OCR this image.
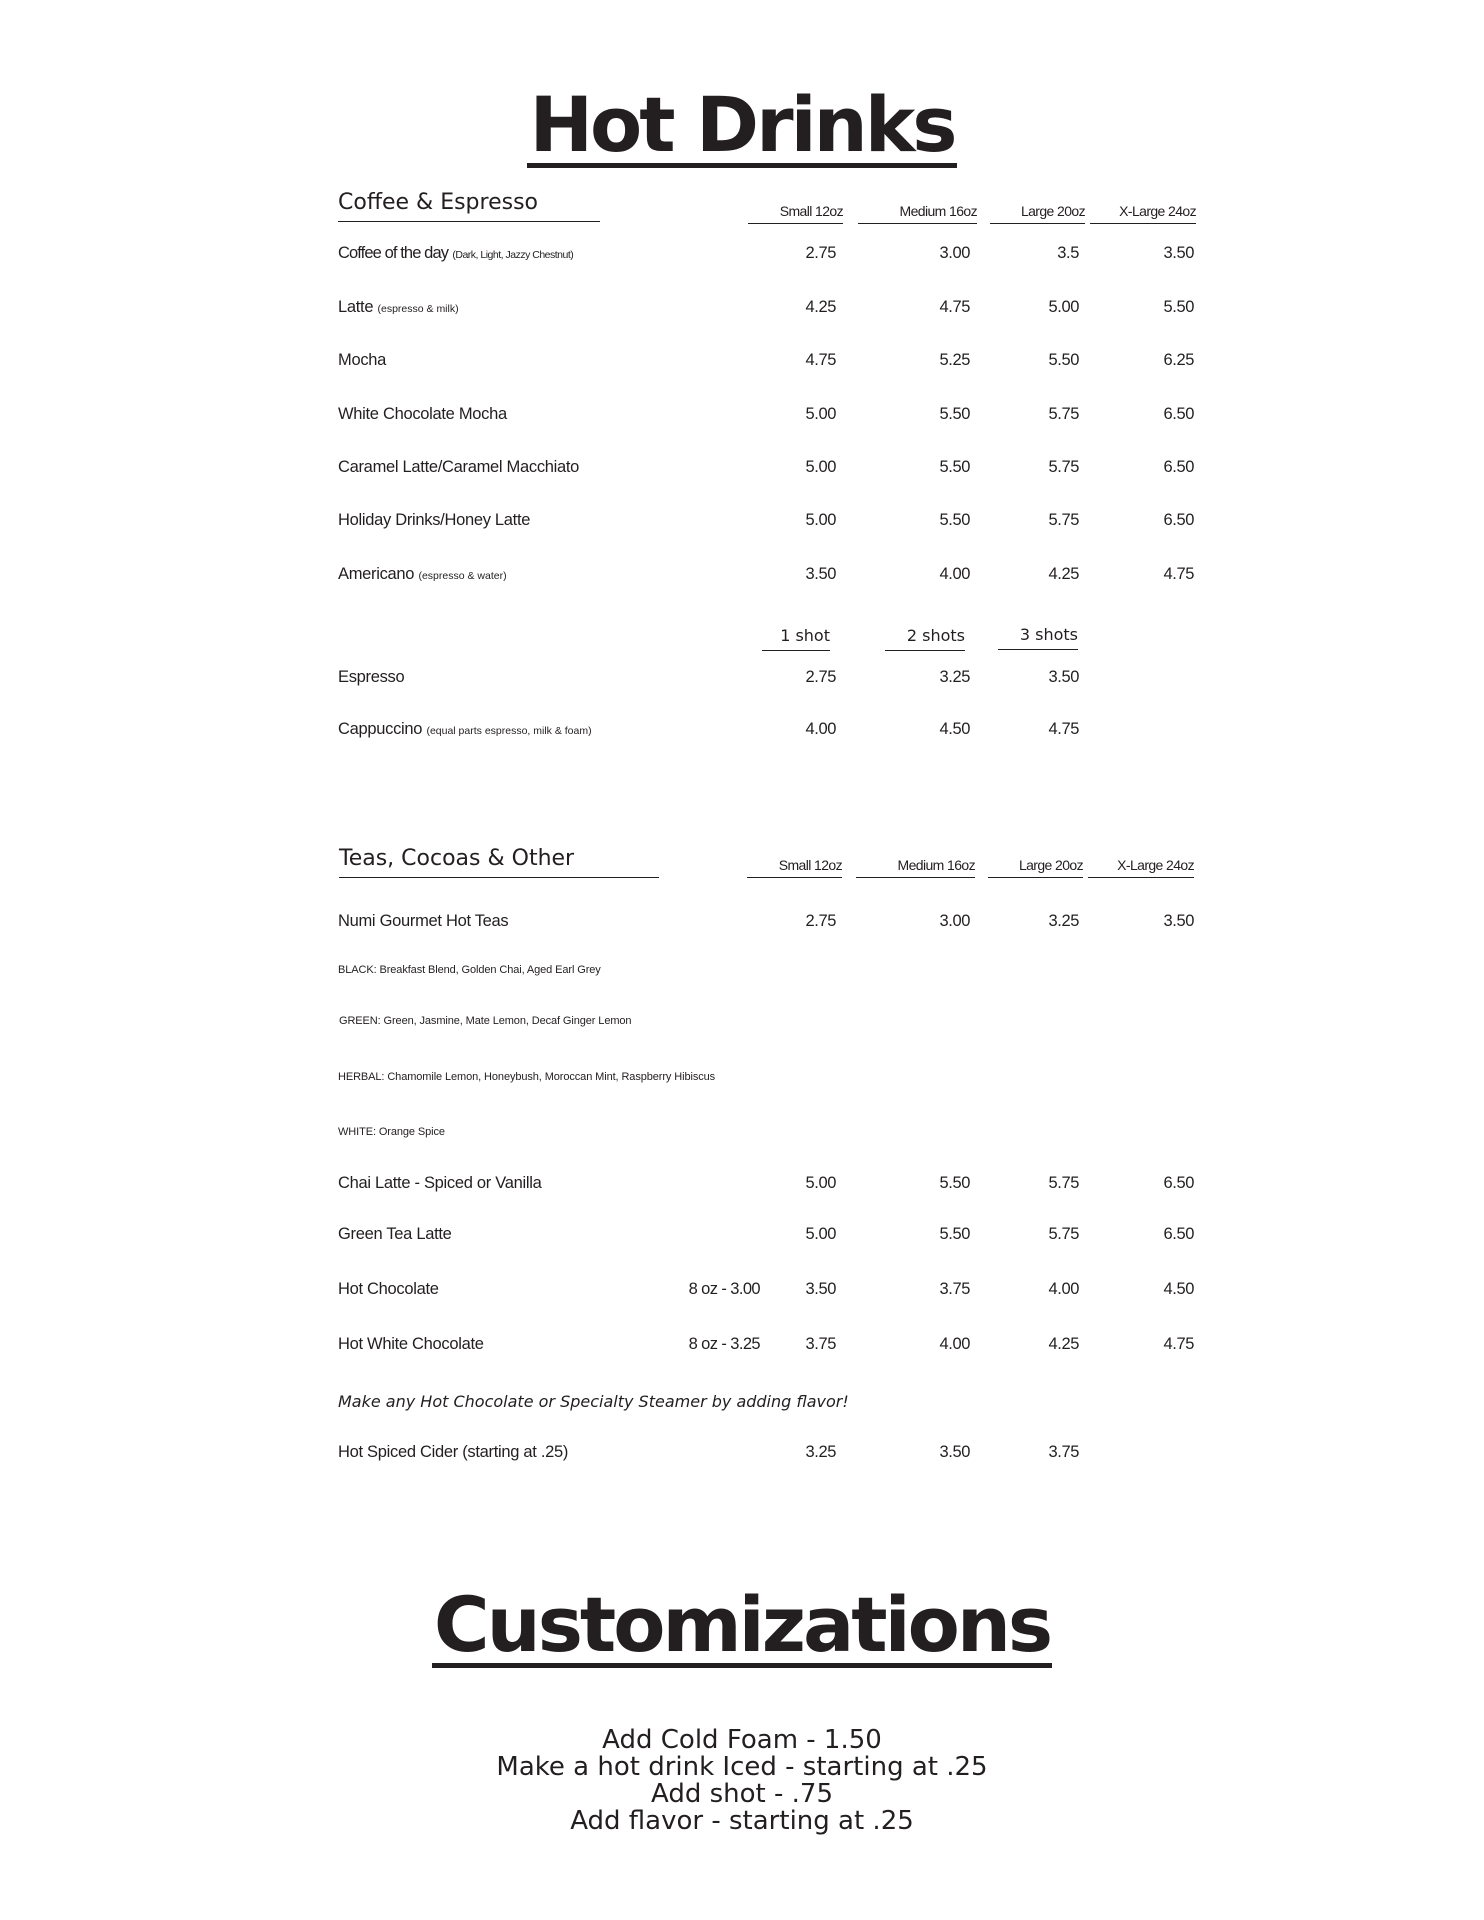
Hot Drinks
Coffee & Espresso	Small 12oz	Medium 16oz	Large 20oz	X-Large 24oz
Coffee of the day (Dark, Light, Jazzy Chestnut)	2.75	3.00	3.5	3.50
Latte (espresso & milk)	4.25	4.75	5.00	5.50
Mocha	4.75	5.25	5.50	6.25
White Chocolate Mocha	5.00	5.50	5.75	6.50
Caramel Latte/Caramel Macchiato	5.00	5.50	5.75	6.50
Holiday Drinks/Honey Latte	5.00	5.50	5.75	6.50
Americano (espresso & water)	3.50	4.00	4.25	4.75
1 shot	2 shots	3 shots
Espresso	2.75	3.25	3.50
Cappuccino (equal parts espresso, milk & foam)	4.00	4.50	4.75
Teas, Cocoas & Other	Small 12oz	Medium 16oz	Large 20oz	X-Large 24oz
Numi Gourmet Hot Teas	2.75	3.00	3.25	3.50
BLACK: Breakfast Blend, Golden Chai, Aged Earl Grey
GREEN: Green, Jasmine, Mate Lemon, Decaf Ginger Lemon
HERBAL: Chamomile Lemon, Honeybush, Moroccan Mint, Raspberry Hibiscus
WHITE: Orange Spice
Chai Latte - Spiced or Vanilla	5.00	5.50	5.75	6.50
Green Tea Latte	5.00	5.50	5.75	6.50
Hot Chocolate	8 oz - 3.00	3.50	3.75	4.00	4.50
Hot White Chocolate	8 oz - 3.25	3.75	4.00	4.25	4.75
Make any Hot Chocolate or Specialty Steamer by adding flavor!
Hot Spiced Cider (starting at .25)	3.25	3.50	3.75
Customizations
Add Cold Foam - 1.50
Make a hot drink Iced - starting at .25
Add shot - .75
Add flavor - starting at .25
